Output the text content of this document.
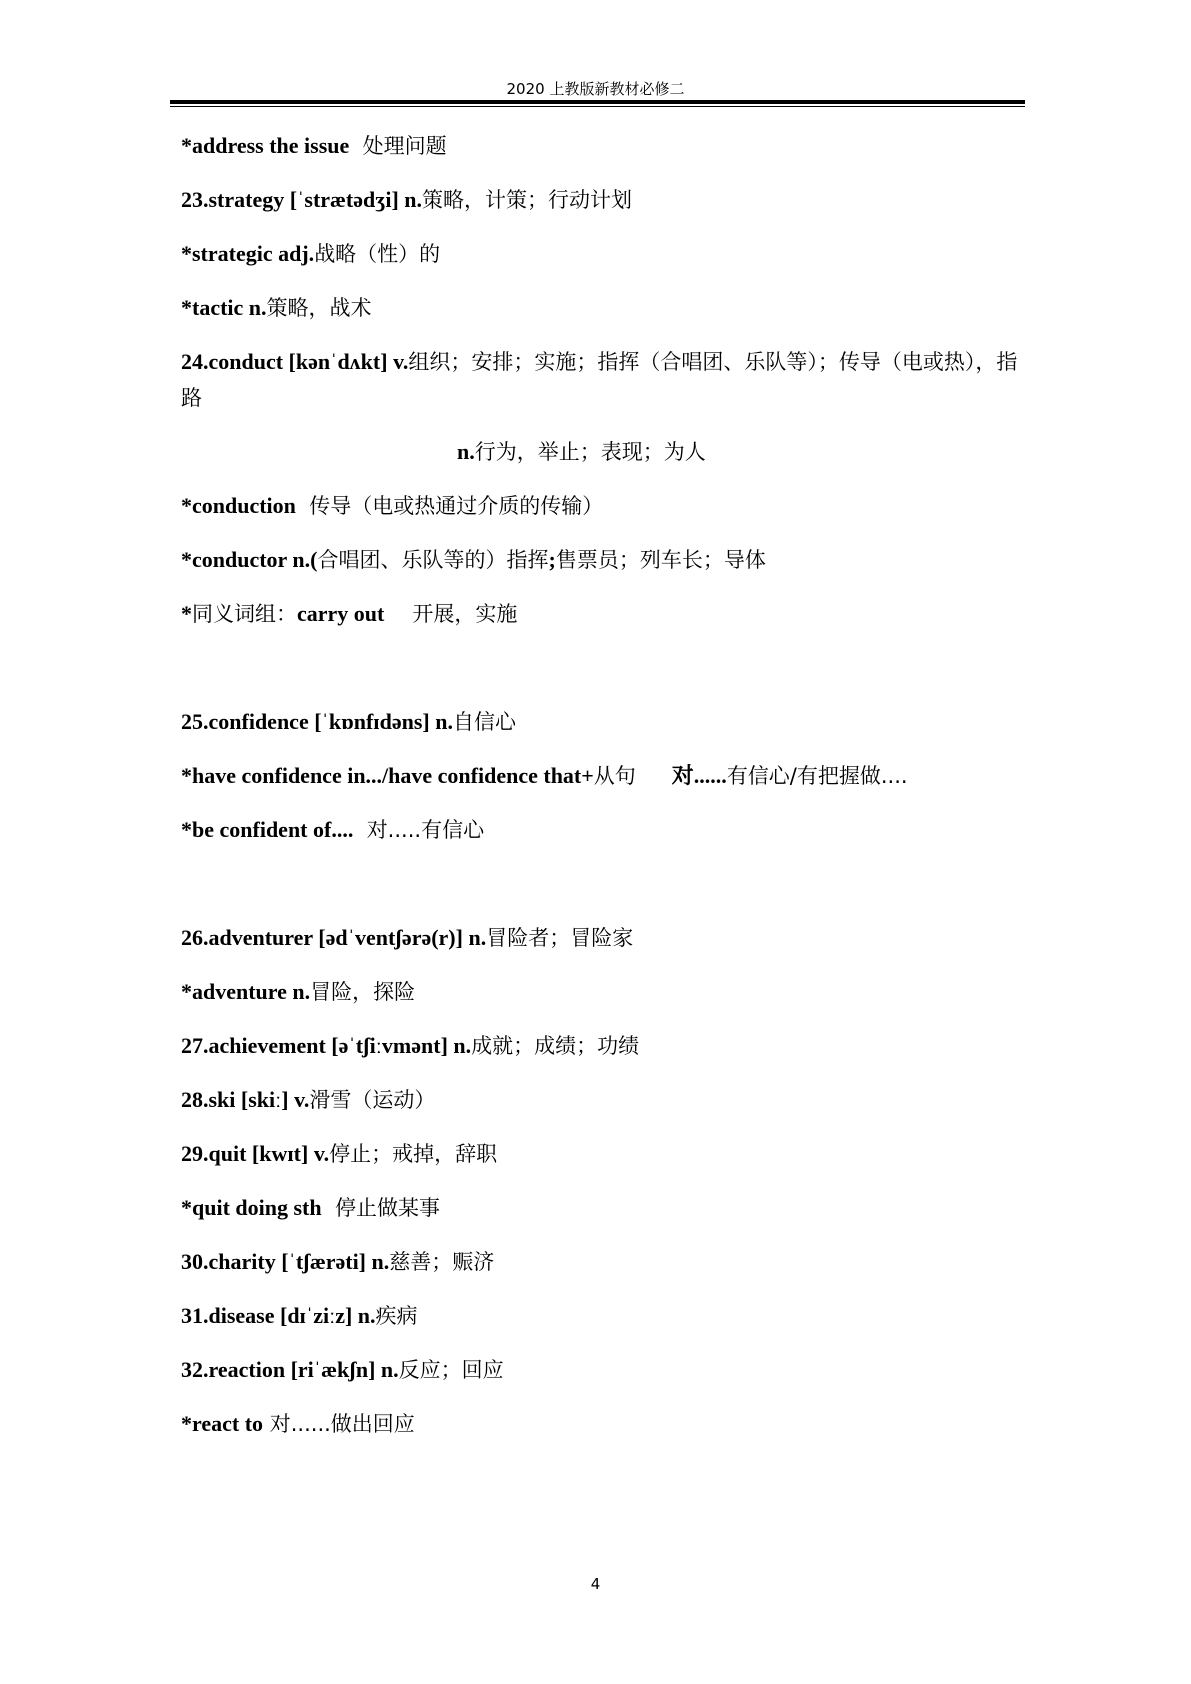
2020 上教版新教材必修二
*address the issue 处理问题
23.strategy [ˈstrætədʒi] n.策略，计策；行动计划
*strategic adj.战略（性）的
*tactic n.策略，战术
24.conduct [kənˈdʌkt] v.组织；安排；实施；指挥（合唱团、乐队等）；传导（电或热），指路
n.行为，举止；表现；为人
*conduction 传导（电或热通过介质的传输）
*conductor n.(合唱团、乐队等的）指挥;售票员；列车长；导体
*同义词组：carry out 开展，实施
25.confidence [ˈkɒnfɪdəns] n.自信心
*have confidence in.../have confidence that+从句 对......有信心/有把握做....
*be confident of.... 对.....有信心
26.adventurer [ədˈventʃərə(r)] n.冒险者；冒险家
*adventure n.冒险，探险
27.achievement [əˈtʃiːvmənt] n.成就；成绩；功绩
28.ski [skiː] v.滑雪（运动）
29.quit [kwɪt] v.停止；戒掉，辞职
*quit doing sth 停止做某事
30.charity [ˈtʃærəti] n.慈善；赈济
31.disease [dɪˈziːz] n.疾病
32.reaction [riˈækʃn] n.反应；回应
*react to 对......做出回应
4
